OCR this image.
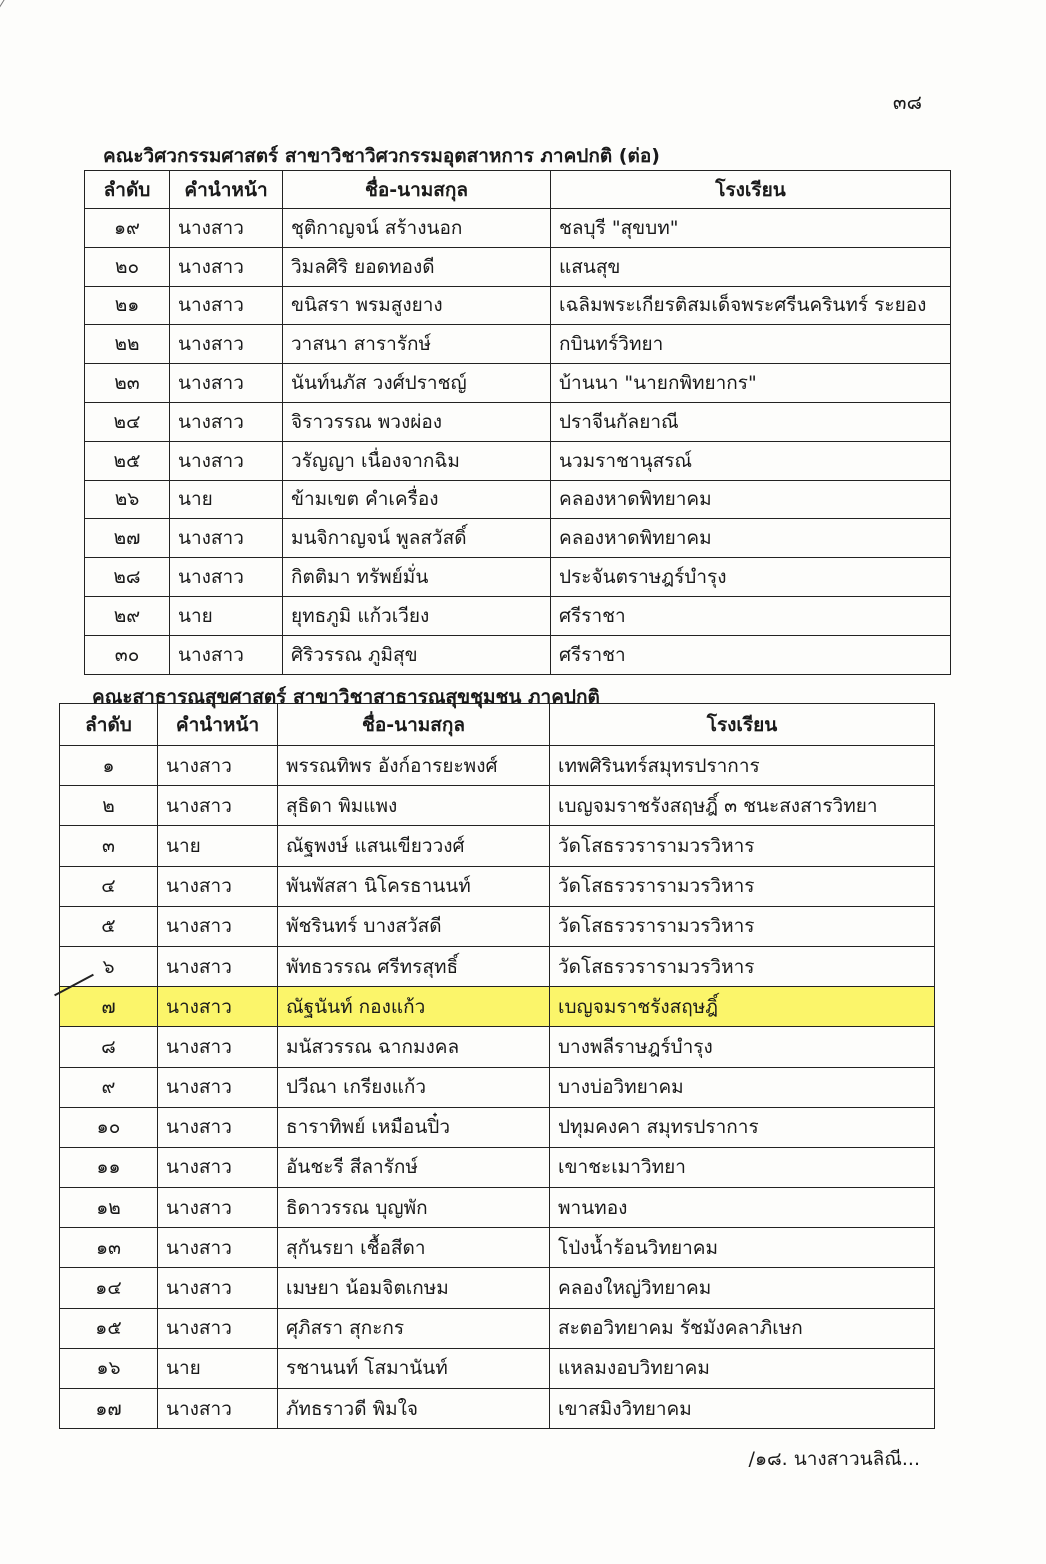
๓๘
คณะวิศวกรรมศาสตร์ สาขาวิชาวิศวกรรมอุตสาหการ ภาคปกติ (ต่อ)
ลำดับ	คำนำหน้า	ชื่อ-นามสกุล	โรงเรียน
๑๙	นางสาว	ชุติกาญจน์ สร้างนอก	ชลบุรี "สุขบท"
๒๐	นางสาว	วิมลศิริ ยอดทองดี	แสนสุข
๒๑	นางสาว	ขนิสรา พรมสูงยาง	เฉลิมพระเกียรติสมเด็จพระศรีนครินทร์ ระยอง
๒๒	นางสาว	วาสนา สารารักษ์	กบินทร์วิทยา
๒๓	นางสาว	นันท์นภัส วงศ์ปราชญ์	บ้านนา "นายกพิทยากร"
๒๔	นางสาว	จิราวรรณ พวงผ่อง	ปราจีนกัลยาณี
๒๕	นางสาว	วรัญญา เนื่องจากฉิม	นวมราชานุสรณ์
๒๖	นาย	ข้ามเขต คำเครื่อง	คลองหาดพิทยาคม
๒๗	นางสาว	มนจิกาญจน์ พูลสวัสดิ์	คลองหาดพิทยาคม
๒๘	นางสาว	กิตติมา ทรัพย์มั่น	ประจันตราษฎร์บำรุง
๒๙	นาย	ยุทธภูมิ แก้วเวียง	ศรีราชา
๓๐	นางสาว	ศิริวรรณ ภูมิสุข	ศรีราชา
คณะสาธารณสุขศาสตร์ สาขาวิชาสาธารณสุขชุมชน ภาคปกติ
ลำดับ	คำนำหน้า	ชื่อ-นามสกุล	โรงเรียน
๑	นางสาว	พรรณทิพร อังก์อารยะพงศ์	เทพศิรินทร์สมุทรปราการ
๒	นางสาว	สุธิดา พิมแพง	เบญจมราชรังสฤษฎิ์ ๓ ชนะสงสารวิทยา
๓	นาย	ณัฐพงษ์ แสนเขียววงศ์	วัดโสธรวรารามวรวิหาร
๔	นางสาว	พันพัสสา นิโครธานนท์	วัดโสธรวรารามวรวิหาร
๕	นางสาว	พัชรินทร์ บางสวัสดี	วัดโสธรวรารามวรวิหาร
๖	นางสาว	พัทธวรรณ ศรีทรสุทธิ์	วัดโสธรวรารามวรวิหาร
๗	นางสาว	ณัฐนันท์ กองแก้ว	เบญจมราชรังสฤษฎิ์
๘	นางสาว	มนัสวรรณ ฉากมงคล	บางพลีราษฎร์บำรุง
๙	นางสาว	ปวีณา เกรียงแก้ว	บางบ่อวิทยาคม
๑๐	นางสาว	ธาราทิพย์ เหมือนปิ๋ว	ปทุมคงคา สมุทรปราการ
๑๑	นางสาว	อันชะรี สีลารักษ์	เขาชะเมาวิทยา
๑๒	นางสาว	ธิดาวรรณ บุญพัก	พานทอง
๑๓	นางสาว	สุกันรยา เชื้อสีดา	โป่งน้ำร้อนวิทยาคม
๑๔	นางสาว	เมษยา น้อมจิตเกษม	คลองใหญ่วิทยาคม
๑๕	นางสาว	ศุภิสรา สุกะกร	สะตอวิทยาคม รัชมังคลาภิเษก
๑๖	นาย	รชานนท์ โสมานันท์	แหลมงอบวิทยาคม
๑๗	นางสาว	ภัทธราวดี พิมใจ	เขาสมิงวิทยาคม
/๑๘. นางสาวนลิณี...
